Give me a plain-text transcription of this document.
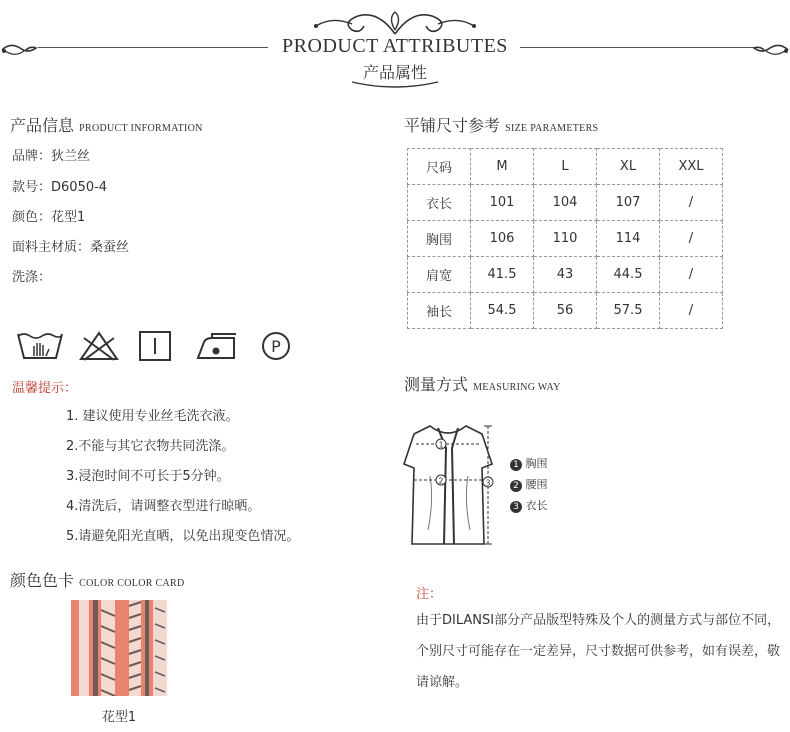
PRODUCT ATTRIBUTES
产品属性
产品信息 PRODUCT INFORMATION
品牌：狄兰丝
款号：D6050-4
颜色：花型1
面料主材质：桑蚕丝
洗涤：
P
温馨提示：
1. 建议使用专业丝毛洗衣液。
2.不能与其它衣物共同洗涤。
3.浸泡时间不可长于5分钟。
4.清洗后，请调整衣型进行晾晒。
5.请避免阳光直晒，以免出现变色情况。
颜色色卡 COLOR COLOR CARD
花型1
平铺尺寸参考 SIZE PARAMETERS
尺码	M	L	XL	XXL
衣长	101	104	107	/
胸围	106	110	114	/
肩宽	41.5	43	44.5	/
袖长	54.5	56	57.5	/
测量方式 MEASURING WAY
1
2	3
1 胸围
2 腰围
3 衣长
注：
由于DILANSI部分产品版型特殊及个人的测量方式与部位不同，个别尺寸可能存在一定差异，尺寸数据可供参考，如有误差，敬请谅解。
